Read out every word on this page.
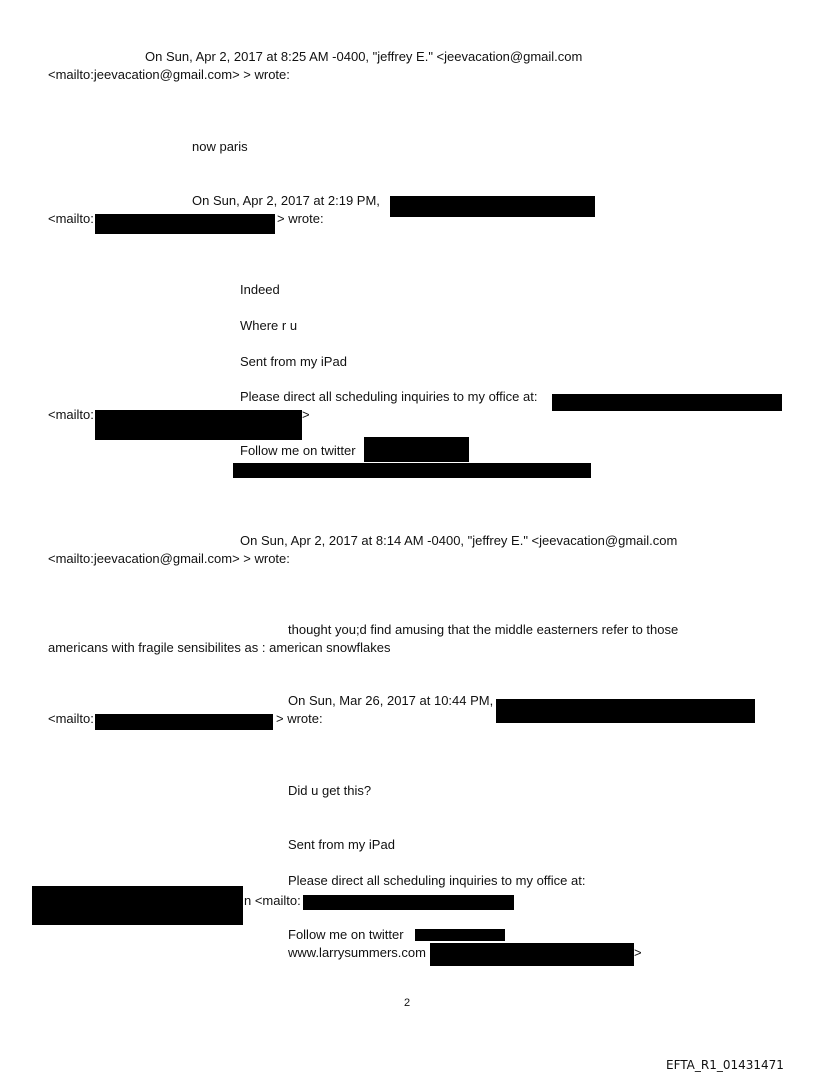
On Sun, Apr 2, 2017 at 8:25 AM -0400, "jeffrey E." <jeevacation@gmail.com
<mailto:jeevacation@gmail.com> > wrote:
now paris
On Sun, Apr 2, 2017 at 2:19 PM,
<mailto:	> wrote:
Indeed
Where r u
Sent from my iPad
Please direct all scheduling inquiries to my office at:
<mailto:	>
Follow me on twitter
On Sun, Apr 2, 2017 at 8:14 AM -0400, "jeffrey E." <jeevacation@gmail.com
<mailto:jeevacation@gmail.com> > wrote:
thought you;d find amusing that the middle easterners refer to those
americans with fragile sensibilites as : american snowflakes
On Sun, Mar 26, 2017 at 10:44 PM,
<mailto:	> wrote:
Did u get this?
Sent from my iPad
Please direct all scheduling inquiries to my office at:
n <mailto:
Follow me on twitter
www.larrysummers.com	>
2
EFTA_R1_01431471
